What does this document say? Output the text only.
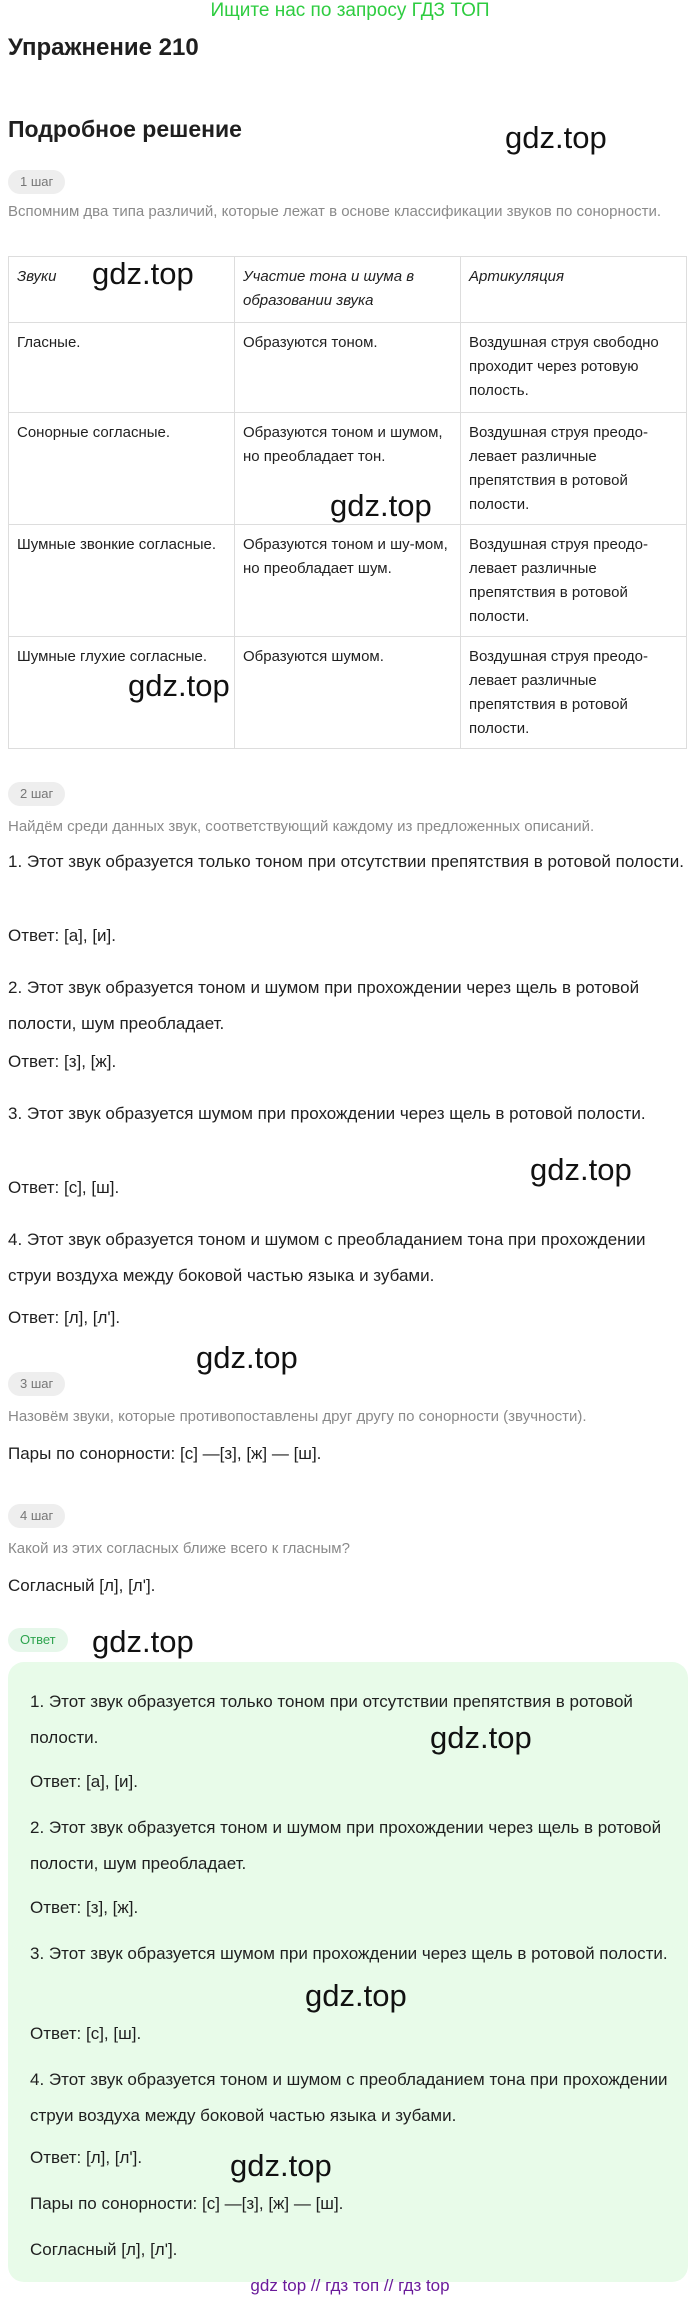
Ищите нас по запросу ГДЗ ТОП
Упражнение 210
Подробное решение
1 шаг
Вспомним два типа различий, которые лежат в основе классификации звуков по сонорности.
Звуки	Участие тона и шума в образовании звука	Артикуляция
Гласные.	Образуются тоном.	Воздушная струя свободно проходит через ротовую полость.
Сонорные согласные.	Образуются тоном и шумом, но преобладает тон.	Воздушная струя преодо-левает различные препятствия в ротовой полости.
Шумные звонкие согласные.	Образуются тоном и шу-мом, но преобладает шум.	Воздушная струя преодо-левает различные препятствия в ротовой полости.
Шумные глухие согласные.	Образуются шумом.	Воздушная струя преодо-левает различные препятствия в ротовой полости.
2 шаг
Найдём среди данных звук, соответствующий каждому из предложенных описаний.
1. Этот звук образуется только тоном при отсутствии препятствия в ротовой полости.
Ответ: [а], [и].
2. Этот звук образуется тоном и шумом при прохождении через щель в ротовой полости, шум преобладает.
Ответ: [з], [ж].
3. Этот звук образуется шумом при прохождении через щель в ротовой полости.
Ответ: [с], [ш].
4. Этот звук образуется тоном и шумом с преобладанием тона при прохождении струи воздуха между боковой частью языка и зубами.
Ответ: [л], [л'].
3 шаг
Назовём звуки, которые противопоставлены друг другу по сонорности (звучности).
Пары по сонорности: [с] —[з], [ж] — [ш].
4 шаг
Какой из этих согласных ближе всего к гласным?
Согласный [л], [л'].
Ответ
1. Этот звук образуется только тоном при отсутствии препятствия в ротовой полости.
Ответ: [а], [и].
2. Этот звук образуется тоном и шумом при прохождении через щель в ротовой полости, шум преобладает.
Ответ: [з], [ж].
3. Этот звук образуется шумом при прохождении через щель в ротовой полости.
Ответ: [с], [ш].
4. Этот звук образуется тоном и шумом с преобладанием тона при прохождении струи воздуха между боковой частью языка и зубами.
Ответ: [л], [л'].
Пары по сонорности: [с] —[з], [ж] — [ш].
Согласный [л], [л'].
gdz.top
gdz.top
gdz.top
gdz.top
gdz.top
gdz.top
gdz.top
gdz.top
gdz.top
gdz.top
gdz top // гдз топ // гдз top
